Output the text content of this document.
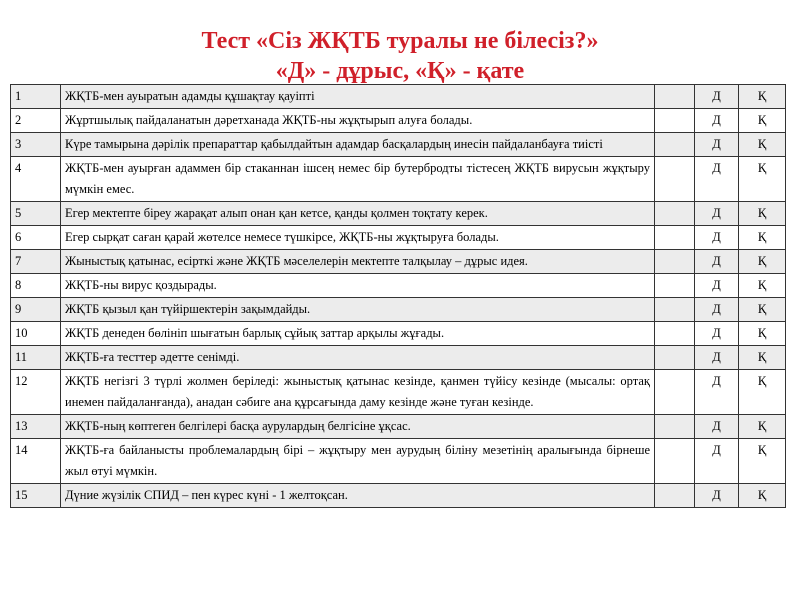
Тест «Сіз ЖҚТБ туралы не білесіз?»
«Д» - дұрыс, «Қ» - қате
1	ЖҚТБ-мен ауыратын адамды құшақтау қауіпті		Д	Қ
2	Жұртшылық пайдаланатын дәретханада ЖҚТБ-ны жұқтырып алуға болады.		Д	Қ
3	Күре тамырына дәрілік препараттар қабылдайтын адамдар басқалардың инесін пайдаланбауға тиісті		Д	Қ
4	ЖҚТБ-мен ауырған адаммен бір стаканнан ішсең немес бір бутербродты тістесең ЖҚТБ вирусын жұқтыру мүмкін емес.		Д	Қ
5	Егер мектепте біреу жарақат алып онан қан кетсе, қанды қолмен тоқтату керек.		Д	Қ
6	Егер сырқат саған қарай жөтелсе немесе түшкірсе, ЖҚТБ-ны жұқтыруға болады.		Д	Қ
7	Жыныстық қатынас, есірткі және ЖҚТБ мәселелерін мектепте талқылау – дұрыс идея.		Д	Қ
8	ЖҚТБ-ны вирус қоздырады.		Д	Қ
9	ЖҚТБ қызыл қан түйіршектерін зақымдайды.		Д	Қ
10	ЖҚТБ денеден бөлініп шығатын барлық сұйық заттар арқылы жұғады.		Д	Қ
11	ЖҚТБ-ға тесттер әдетте сенімді.		Д	Қ
12	ЖҚТБ негізгі 3 түрлі жолмен беріледі: жыныстық қатынас кезінде, қанмен түйісу кезінде (мысалы: ортақ инемен пайдаланғанда), анадан сәбиге ана құрсағында даму кезінде және туған кезінде.		Д	Қ
13	ЖҚТБ-ның көптеген белгілері басқа аурулардың белгісіне ұқсас.		Д	Қ
14	ЖҚТБ-ға байланысты проблемалардың бірі – жұқтыру мен аурудың біліну мезетінің аралығында бірнеше жыл өтуі мүмкін.		Д	Қ
15	Дүние жүзілік СПИД – пен күрес күні - 1 желтоқсан.		Д	Қ
